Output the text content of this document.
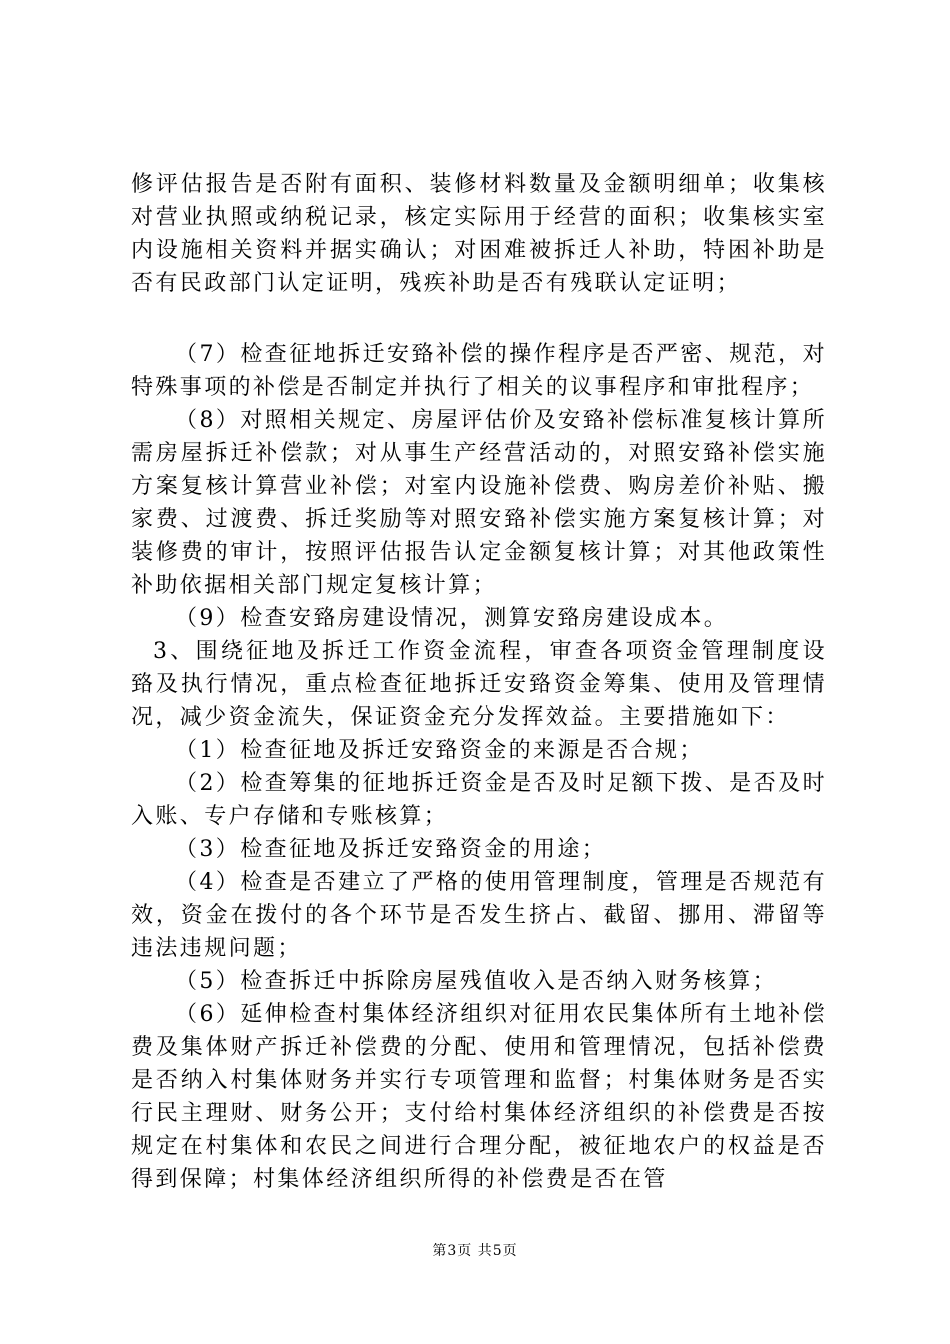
修评估报告是否附有面积、装修材料数量及金额明细单；收集核对营业执照或纳税记录，核定实际用于经营的面积；收集核实室内设施相关资料并据实确认；对困难被拆迁人补助，特困补助是否有民政部门认定证明，残疾补助是否有残联认定证明；

（7）检查征地拆迁安臵补偿的操作程序是否严密、规范，对特殊事项的补偿是否制定并执行了相关的议事程序和审批程序；

（8）对照相关规定、房屋评估价及安臵补偿标准复核计算所需房屋拆迁补偿款；对从事生产经营活动的，对照安臵补偿实施方案复核计算营业补偿；对室内设施补偿费、购房差价补贴、搬家费、过渡费、拆迁奖励等对照安臵补偿实施方案复核计算；对装修费的审计，按照评估报告认定金额复核计算；对其他政策性补助依据相关部门规定复核计算；

（9）检查安臵房建设情况，测算安臵房建设成本。

3、围绕征地及拆迁工作资金流程，审查各项资金管理制度设臵及执行情况，重点检查征地拆迁安臵资金筹集、使用及管理情况，减少资金流失，保证资金充分发挥效益。主要措施如下：

（1）检查征地及拆迁安臵资金的来源是否合规；

（2）检查筹集的征地拆迁资金是否及时足额下拨、是否及时入账、专户存储和专账核算；

（3）检查征地及拆迁安臵资金的用途；

（4）检查是否建立了严格的使用管理制度，管理是否规范有效，资金在拨付的各个环节是否发生挤占、截留、挪用、滞留等违法违规问题；

（5）检查拆迁中拆除房屋残值收入是否纳入财务核算；

（6）延伸检查村集体经济组织对征用农民集体所有土地补偿费及集体财产拆迁补偿费的分配、使用和管理情况，包括补偿费是否纳入村集体财务并实行专项管理和监督；村集体财务是否实行民主理财、财务公开；支付给村集体经济组织的补偿费是否按规定在村集体和农民之间进行合理分配，被征地农户的权益是否得到保障；村集体经济组织所得的补偿费是否在管

第3页 共5页
